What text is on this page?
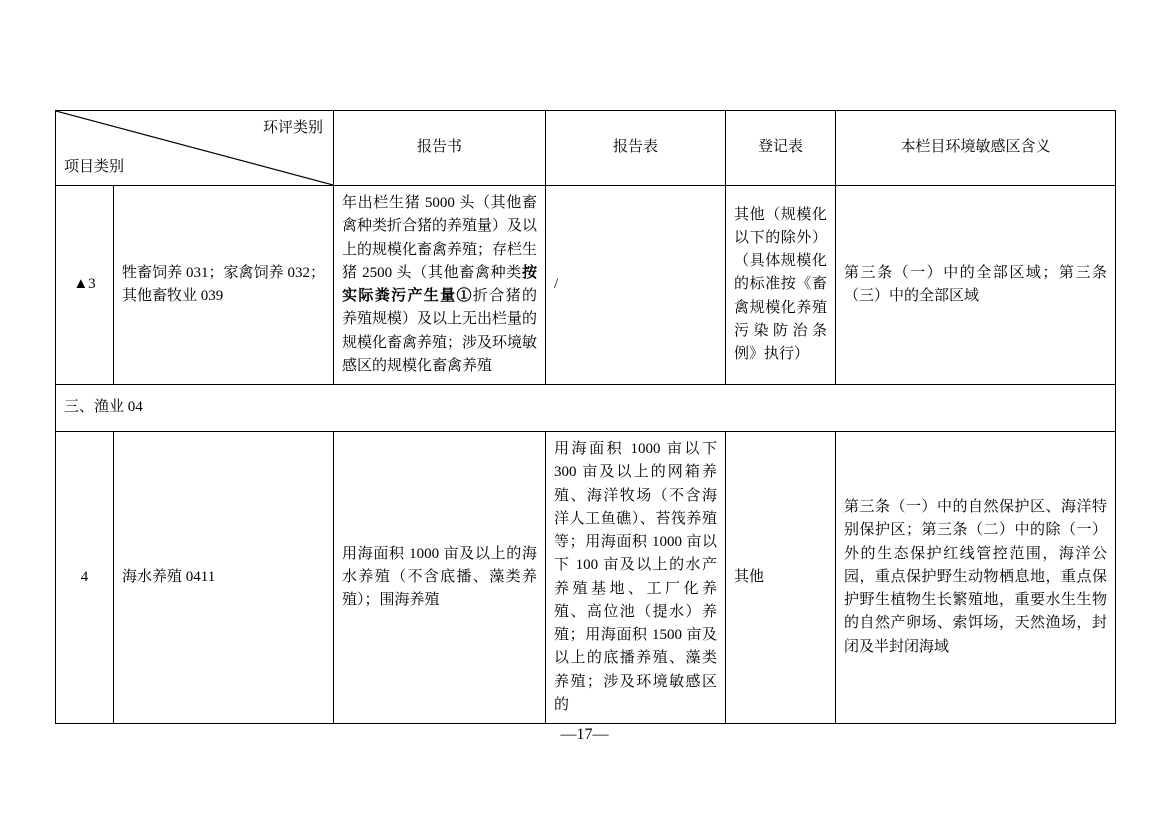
项目类别
环评类别		报告书	报告表	登记表	本栏目环境敏感区含义
▲3	牲畜饲养 031；家禽饲养 032；其他畜牧业 039	年出栏生猪 5000 头（其他畜禽种类折合猪的养殖量）及以上的规模化畜禽养殖；存栏生猪 2500 头（其他畜禽种类按实际粪污产生量①折合猪的养殖规模）及以上无出栏量的规模化畜禽养殖；涉及环境敏感区的规模化畜禽养殖	/	其他（规模化以下的除外）（具体规模化的标准按《畜禽规模化养殖污染防治条例》执行）	第三条（一）中的全部区域；第三条（三）中的全部区域
三、渔业 04					
4	海水养殖 0411	用海面积 1000 亩及以上的海水养殖（不含底播、藻类养殖）；围海养殖	用海面积 1000 亩以下 300 亩及以上的网箱养殖、海洋牧场（不含海洋人工鱼礁）、苔筏养殖 等；用海面积 1000 亩以下 100 亩及以上的水产养殖基地、工厂化养殖、高位池（提水）养殖；用海面积 1500 亩及以上的底播养殖、藻类养殖；涉及环境敏感区的	其他	第三条（一）中的自然保护区、海洋特别保护区；第三条（二）中的除（一）外的生态保护红线管控范围，海洋公园，重点保护野生动物栖息地，重点保护野生植物生长繁殖地，重要水生生物的自然产卵场、索饵场，天然渔场，封闭及半封闭海域
—17—
